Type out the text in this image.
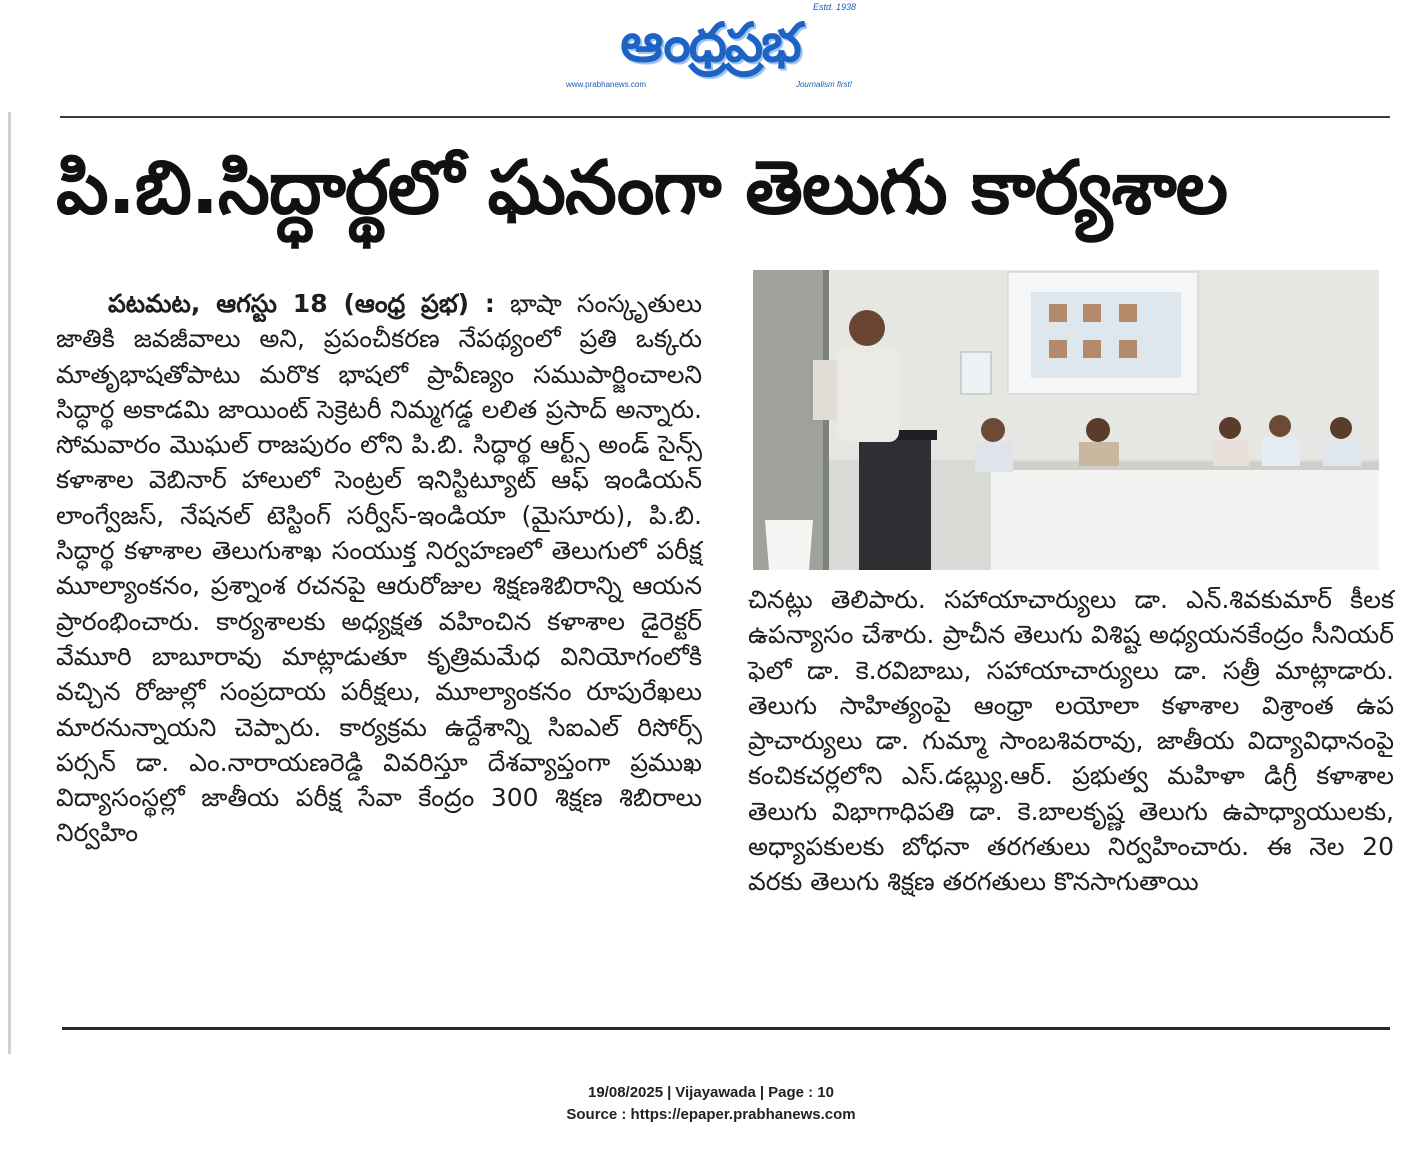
Estd. 1938
ఆంధ్రప్రభ
www.prabhanews.com	Journalism first!
పి.బి.సిద్ధార్థలో ఘనంగా తెలుగు కార్యశాల

పటమట, ఆగస్టు 18 (ఆంధ్ర ప్రభ) : భాషా సంస్కృతులు జాతికి జవజీవాలు అని, ప్రపంచీకరణ నేపథ్యంలో ప్రతి ఒక్కరు మాతృభాషతోపాటు మరొక భాషలో ప్రావీణ్యం సముపార్జించాలని సిద్ధార్థ అకాడమి జాయింట్ సెక్రెటరీ నిమ్మగడ్డ లలిత ప్రసాద్ అన్నారు. సోమవారం మొఘల్ రాజపురం లోని పి.బి. సిద్ధార్థ ఆర్ట్స్ అండ్ సైన్స్ కళాశాల వెబినార్ హాలులో సెంట్రల్ ఇనిస్టిట్యూట్ ఆఫ్ ఇండియన్ లాంగ్వేజస్, నేషనల్ టెస్టింగ్ సర్వీస్-ఇండియా (మైసూరు), పి.బి. సిద్ధార్థ కళాశాల తెలుగుశాఖ సంయుక్త నిర్వహణలో తెలుగులో పరీక్ష మూల్యాంకనం, ప్రశ్నాంశ రచనపై ఆరురోజుల శిక్షణశిబిరాన్ని ఆయన ప్రారంభించారు. కార్యశాలకు అధ్యక్షత వహించిన కళాశాల డైరెక్టర్ వేమూరి బాబూరావు మాట్లాడుతూ కృత్రిమమేధ వినియోగంలోకి వచ్చిన రోజుల్లో సంప్రదాయ పరీక్షలు, మూల్యాంకనం రూపురేఖలు మారనున్నాయని చెప్పారు. కార్యక్రమ ఉద్దేశాన్ని సిఐఎల్ రిసోర్స్ పర్సన్ డా. ఎం.నారాయణరెడ్డి వివరిస్తూ దేశవ్యాప్తంగా ప్రముఖ విద్యాసంస్థల్లో జాతీయ పరీక్ష సేవా కేంద్రం 300 శిక్షణ శిబిరాలు నిర్వహిం

చినట్లు తెలిపారు. సహాయాచార్యులు డా. ఎన్.శివకుమార్ కీలక ఉపన్యాసం చేశారు. ప్రాచీన తెలుగు విశిష్ట అధ్యయనకేంద్రం సీనియర్ ఫెలో డా. కె.రవిబాబు, సహాయాచార్యులు డా. సత్రీ మాట్లాడారు. తెలుగు సాహిత్యంపై ఆంధ్రా లయోలా కళాశాల విశ్రాంత ఉప ప్రాచార్యులు డా. గుమ్మా సాంబశివరావు, జాతీయ విద్యావిధానంపై కంచికచర్లలోని ఎస్.డబ్ల్యు.ఆర్. ప్రభుత్వ మహిళా డిగ్రీ కళాశాల తెలుగు విభాగాధిపతి డా. కె.బాలకృష్ణ తెలుగు ఉపాధ్యాయులకు, అధ్యాపకులకు బోధనా తరగతులు నిర్వహించారు. ఈ నెల 20 వరకు తెలుగు శిక్షణ తరగతులు కొనసాగుతాయి

19/08/2025 | Vijayawada | Page : 10
Source : https://epaper.prabhanews.com
